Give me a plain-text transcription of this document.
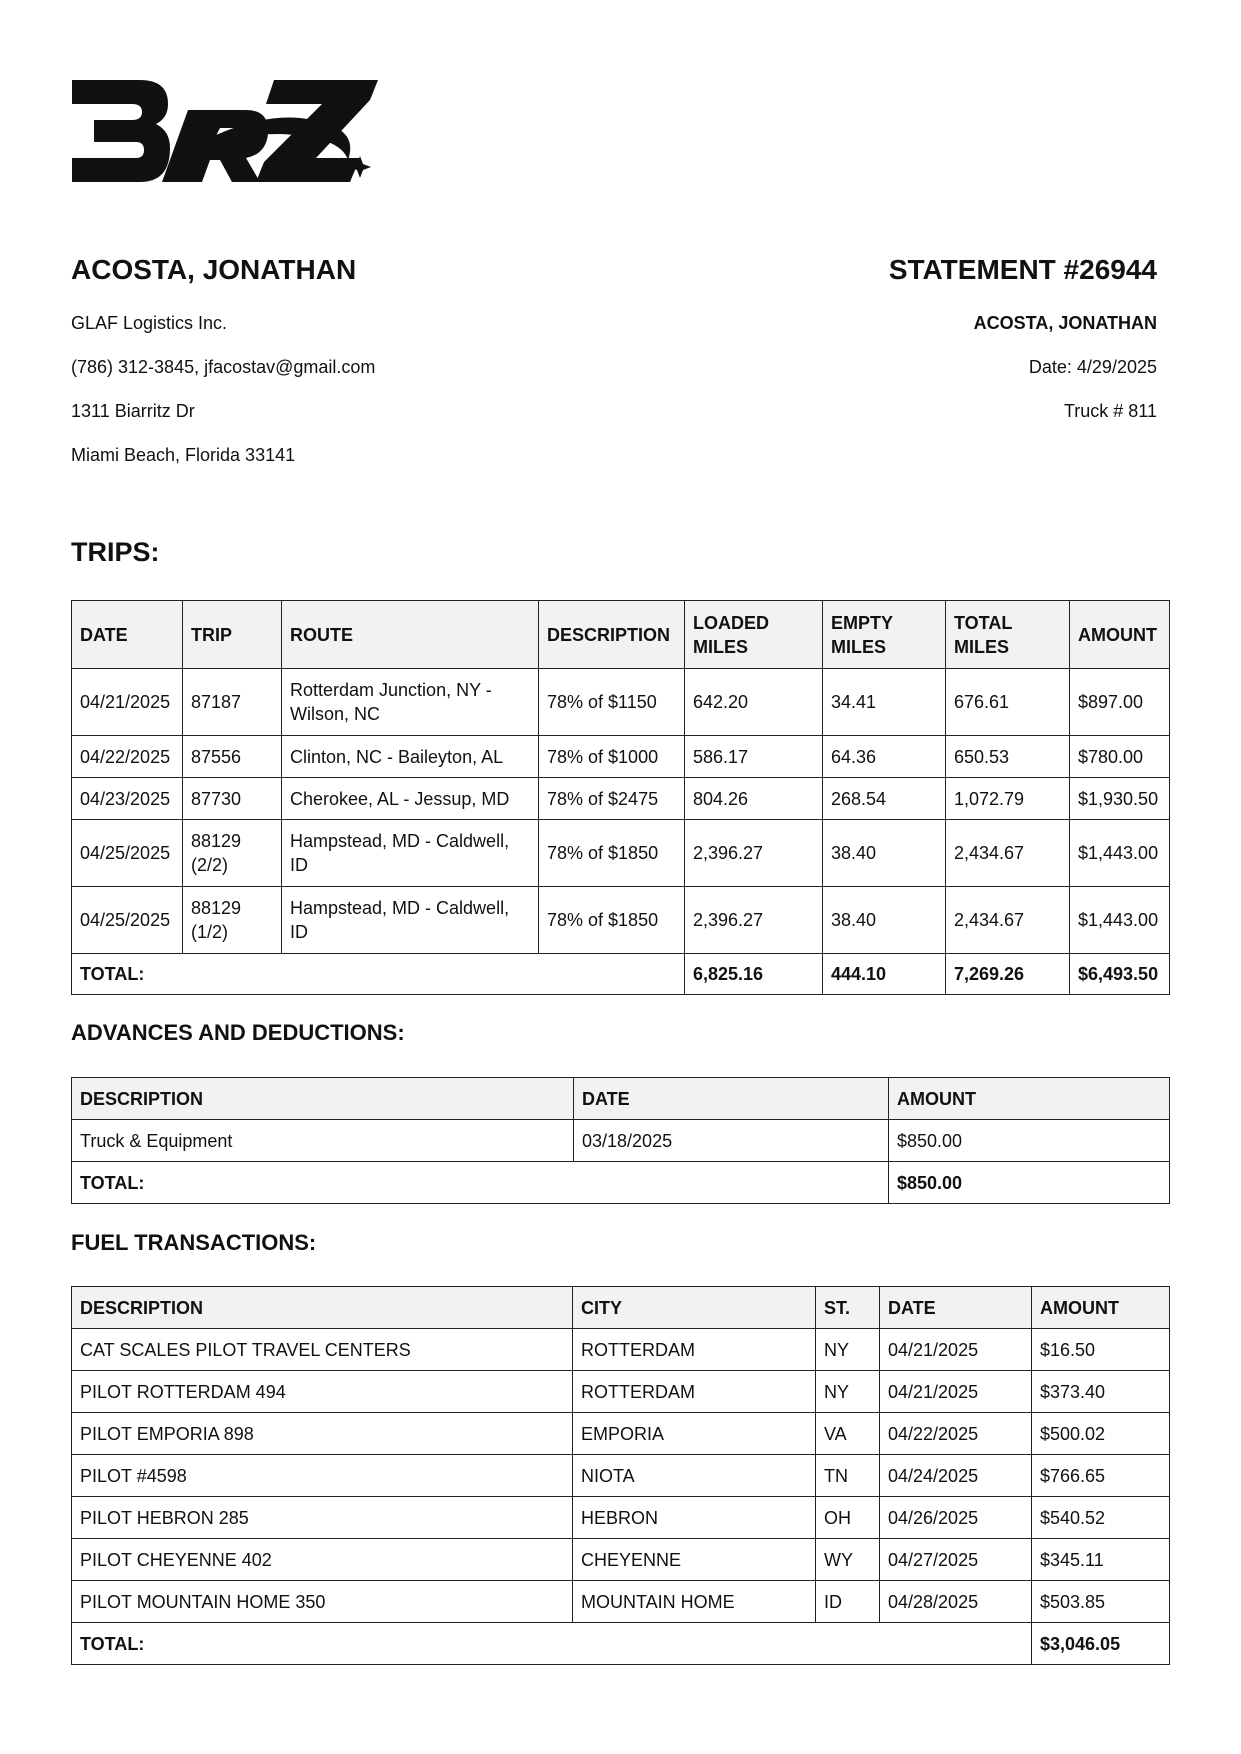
ACOSTA, JONATHAN	STATEMENT #26944
GLAF Logistics Inc.
(786) 312-3845, jfacostav@gmail.com
1311 Biarritz Dr
Miami Beach, Florida 33141
ACOSTA, JONATHAN
Date: 4/29/2025
Truck # 811
TRIPS:
DATE	TRIP	ROUTE	DESCRIPTION	LOADED MILES	EMPTY MILES	TOTAL MILES	AMOUNT
04/21/2025	87187	Rotterdam Junction, NY - Wilson, NC	78% of $1150	642.20	34.41	676.61	$897.00
04/22/2025	87556	Clinton, NC - Baileyton, AL	78% of $1000	586.17	64.36	650.53	$780.00
04/23/2025	87730	Cherokee, AL - Jessup, MD	78% of $2475	804.26	268.54	1,072.79	$1,930.50
04/25/2025	88129 (2/2)	Hampstead, MD - Caldwell, ID	78% of $1850	2,396.27	38.40	2,434.67	$1,443.00
04/25/2025	88129 (1/2)	Hampstead, MD - Caldwell, ID	78% of $1850	2,396.27	38.40	2,434.67	$1,443.00
TOTAL:				6,825.16	444.10	7,269.26	$6,493.50
ADVANCES AND DEDUCTIONS:
DESCRIPTION	DATE	AMOUNT
Truck & Equipment	03/18/2025	$850.00
TOTAL:		$850.00
FUEL TRANSACTIONS:
DESCRIPTION	CITY	ST.	DATE	AMOUNT
CAT SCALES PILOT TRAVEL CENTERS	ROTTERDAM	NY	04/21/2025	$16.50
PILOT ROTTERDAM 494	ROTTERDAM	NY	04/21/2025	$373.40
PILOT EMPORIA 898	EMPORIA	VA	04/22/2025	$500.02
PILOT #4598	NIOTA	TN	04/24/2025	$766.65
PILOT HEBRON 285	HEBRON	OH	04/26/2025	$540.52
PILOT CHEYENNE 402	CHEYENNE	WY	04/27/2025	$345.11
PILOT MOUNTAIN HOME 350	MOUNTAIN HOME	ID	04/28/2025	$503.85
TOTAL:				$3,046.05
